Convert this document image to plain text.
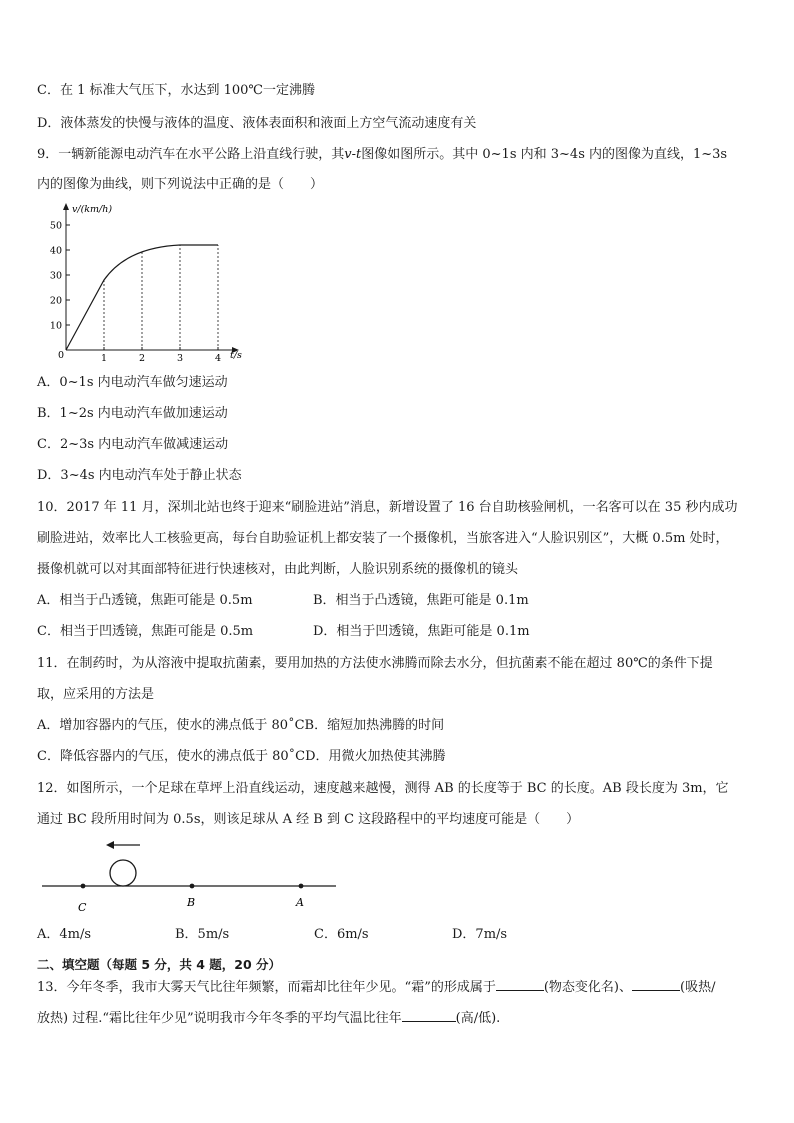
C．在 1 标准大气压下，水达到 100℃一定沸腾
D．液体蒸发的快慢与液体的温度、液体表面积和液面上方空气流动速度有关
9．一辆新能源电动汽车在水平公路上沿直线行驶，其v-t图像如图所示。其中 0~1s 内和 3~4s 内的图像为直线，1~3s
内的图像为曲线，则下列说法中正确的是（　　）
v/(km/h)
t/s
0
10
20
30
40
50
1	2	3	4
A．0~1s 内电动汽车做匀速运动
B．1~2s 内电动汽车做加速运动
C．2~3s 内电动汽车做减速运动
D．3~4s 内电动汽车处于静止状态
10．2017 年 11 月，深圳北站也终于迎来“刷脸进站”消息，新增设置了 16 台自助核验闸机，一名客可以在 35 秒内成功
刷脸进站，效率比人工核验更高，每台自助验证机上都安装了一个摄像机，当旅客进入“人脸识别区”，大概 0.5m 处时，
摄像机就可以对其面部特征进行快速核对，由此判断，人脸识别系统的摄像机的镜头
A．相当于凸透镜，焦距可能是 0.5m	B．相当于凸透镜，焦距可能是 0.1m
C．相当于凹透镜，焦距可能是 0.5m	D．相当于凹透镜，焦距可能是 0.1m
11．在制药时，为从溶液中提取抗菌素，要用加热的方法使水沸腾而除去水分，但抗菌素不能在超过 80℃的条件下提
取，应采用的方法是
A．增加容器内的气压，使水的沸点低于 80˚CB．缩短加热沸腾的时间
C．降低容器内的气压，使水的沸点低于 80˚CD．用微火加热使其沸腾
12．如图所示，一个足球在草坪上沿直线运动，速度越来越慢，测得 AB 的长度等于 BC 的长度。AB 段长度为 3m，它
通过 BC 段所用时间为 0.5s，则该足球从 A 经 B 到 C 这段路程中的平均速度可能是（　　）
C	B	A
A．4m/s	B．5m/s	C．6m/s	D．7m/s
二、填空题（每题 5 分，共 4 题，20 分）
13．今年冬季，我市大雾天气比往年频繁，而霜却比往年少见。“霜”的形成属于	(物态变化名)、	(吸热/
放热) 过程.“霜比往年少见”说明我市今年冬季的平均气温比往年	(高/低).
